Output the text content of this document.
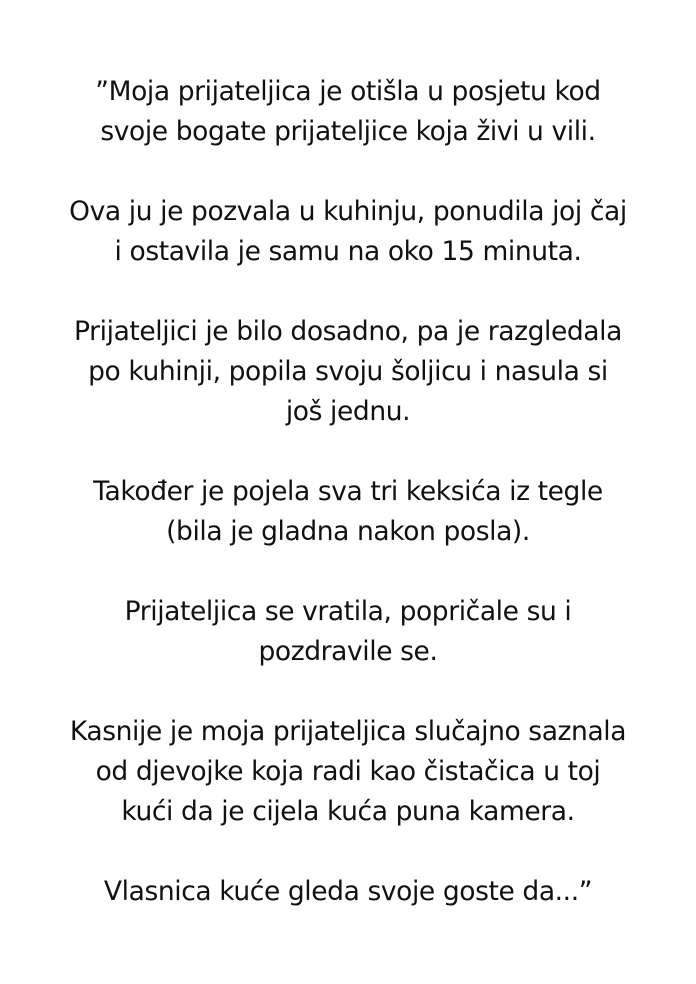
”Moja prijateljica je otišla u posjetu kod
svoje bogate prijateljice koja živi u vili.
Ova ju je pozvala u kuhinju, ponudila joj čaj
i ostavila je samu na oko 15 minuta.
Prijateljici je bilo dosadno, pa je razgledala
po kuhinji, popila svoju šoljicu i nasula si
još jednu.
Također je pojela sva tri keksića iz tegle
(bila je gladna nakon posla).
Prijateljica se vratila, popričale su i
pozdravile se.
Kasnije je moja prijateljica slučajno saznala
od djevojke koja radi kao čistačica u toj
kući da je cijela kuća puna kamera.
Vlasnica kuće gleda svoje goste da...”
